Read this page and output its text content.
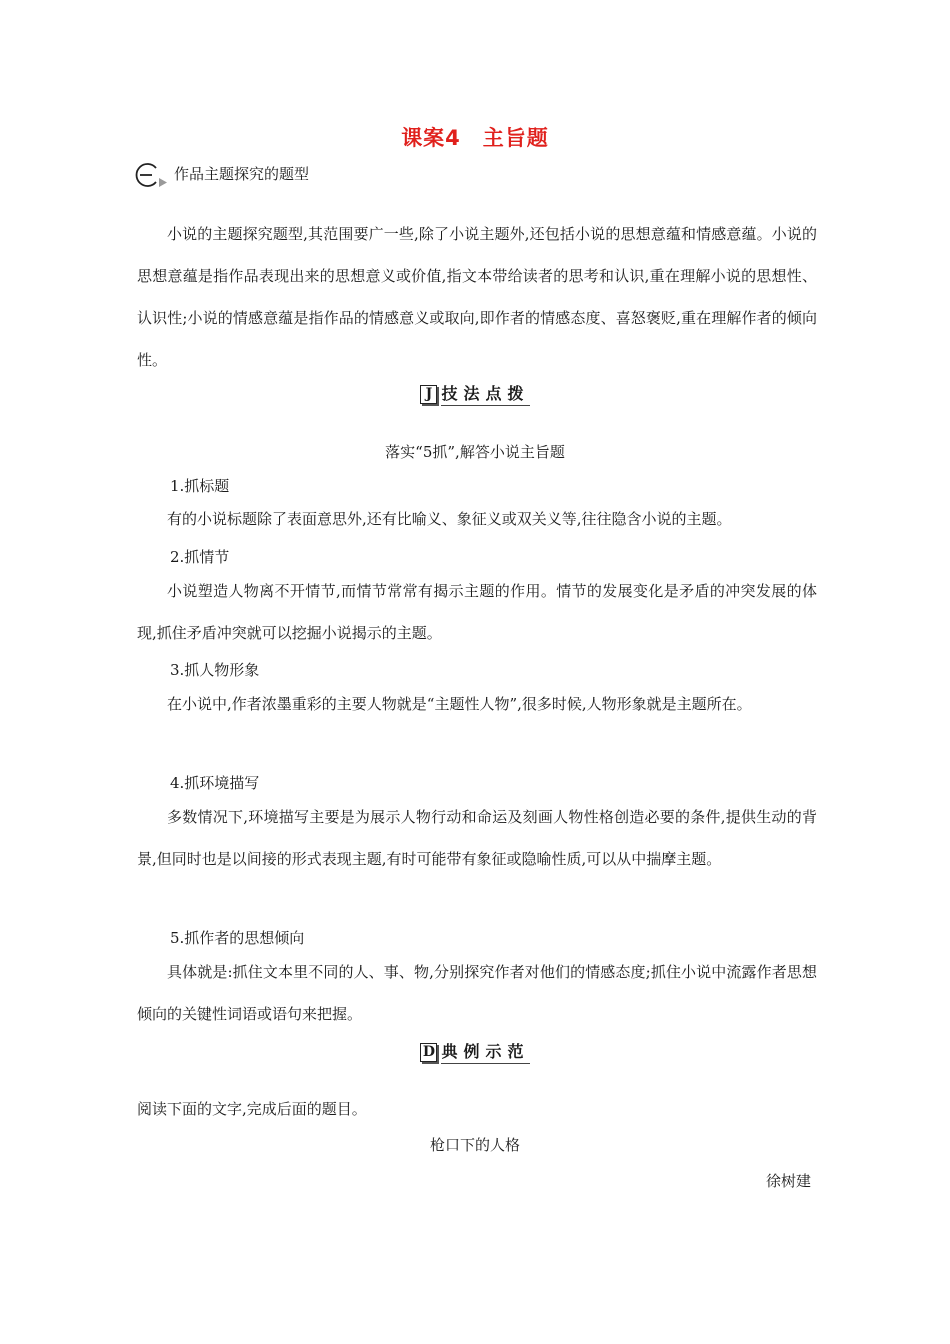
课案4　主旨题
作品主题探究的题型

小说的主题探究题型,其范围要广一些,除了小说主题外,还包括小说的思想意蕴和情感意蕴。小说的思想意蕴是指作品表现出来的思想意义或价值,指文本带给读者的思考和认识,重在理解小说的思想性、认识性;小说的情感意蕴是指作品的情感意义或取向,即作者的情感态度、喜怒褒贬,重在理解作者的倾向性。

J 技法点拨
落实“5抓”,解答小说主旨题
1.抓标题

有的小说标题除了表面意思外,还有比喻义、象征义或双关义等,往往隐含小说的主题。

2.抓情节

小说塑造人物离不开情节,而情节常常有揭示主题的作用。情节的发展变化是矛盾的冲突发展的体现,抓住矛盾冲突就可以挖掘小说揭示的主题。

3.抓人物形象

在小说中,作者浓墨重彩的主要人物就是“主题性人物”,很多时候,人物形象就是主题所在。

4.抓环境描写

多数情况下,环境描写主要是为展示人物行动和命运及刻画人物性格创造必要的条件,提供生动的背景,但同时也是以间接的形式表现主题,有时可能带有象征或隐喻性质,可以从中揣摩主题。

5.抓作者的思想倾向

具体就是:抓住文本里不同的人、事、物,分别探究作者对他们的情感态度;抓住小说中流露作者思想倾向的关键性词语或语句来把握。

D 典例示范
阅读下面的文字,完成后面的题目。
枪口下的人格
徐树建
